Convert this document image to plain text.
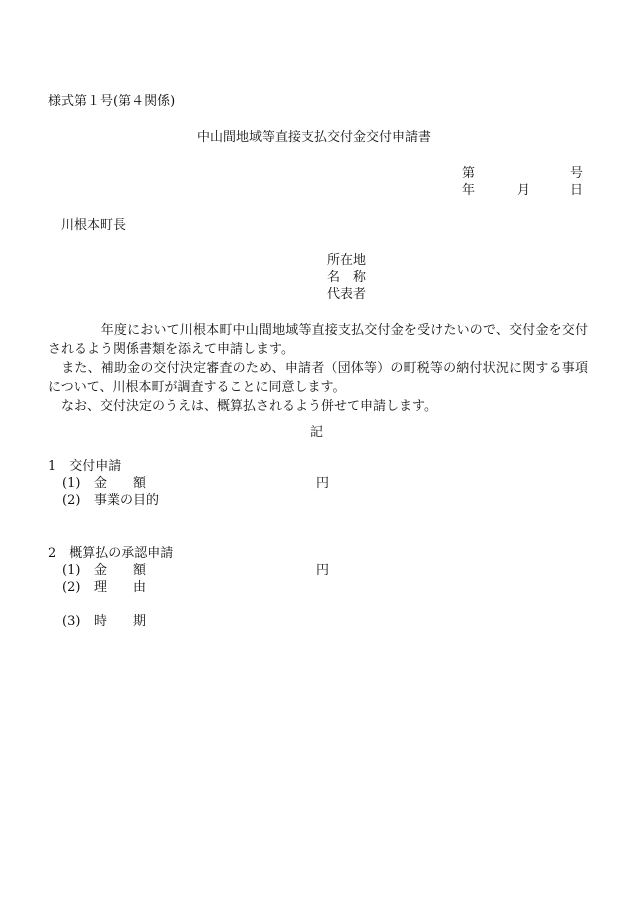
様式第１号(第４関係)
中山間地域等直接支払交付金交付申請書
第	号
年	月	日
川根本町長
所在地
名　称
代表者

　　　　年度において川根本町中山間地域等直接支払交付金を受けたいので、交付金を交付されるよう関係書類を添えて申請します。

　また、補助金の交付決定審査のため、申請者（団体等）の町税等の納付状況に関する事項について、川根本町が調査することに同意します。

　なお、交付決定のうえは、概算払されるよう併せて申請します。

記
1　交付申請
(1) 金　　額	円
(2) 事業の目的
2　概算払の承認申請
(1) 金　　額	円
(2) 理　　由
(3) 時　　期
